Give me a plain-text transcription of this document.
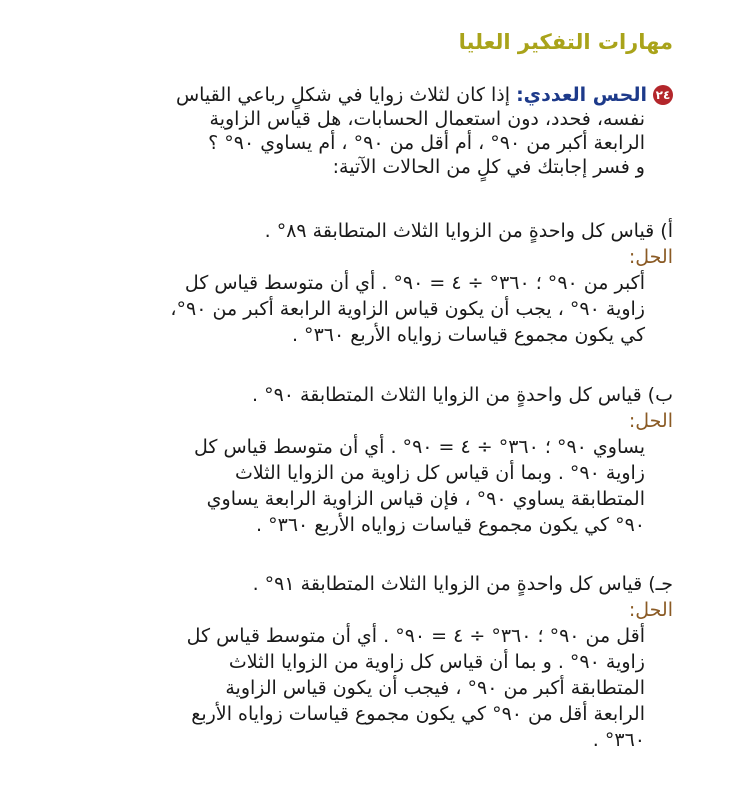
مهارات التفكير العليا
٢٤الحس العددي: إذا كان لثلاث زوايا في شكلٍ رباعي القياس
نفسه، فحدد، دون استعمال الحسابات، هل قياس الزاوية
الرابعة أكبر من ٩٠° ، أم أقل من ٩٠° ، أم يساوي ٩٠° ؟
و فسر إجابتك في كلٍ من الحالات الآتية:
أ) قياس كل واحدةٍ من الزوايا الثلاث المتطابقة ٨٩° .
الحل:
أكبر من ٩٠° ؛ ٣٦٠° ÷ ٤ = ٩٠° . أي أن متوسط قياس كل
زاوية ٩٠° ، يجب أن يكون قياس الزاوية الرابعة أكبر من ٩٠°،
كي يكون مجموع قياسات زواياه الأربع ٣٦٠° .
ب) قياس كل واحدةٍ من الزوايا الثلاث المتطابقة ٩٠° .
الحل:
يساوي ٩٠° ؛ ٣٦٠° ÷ ٤ = ٩٠° . أي أن متوسط قياس كل
زاوية ٩٠° . وبما أن قياس كل زاوية من الزوايا الثلاث
المتطابقة يساوي ٩٠° ، فإن قياس الزاوية الرابعة يساوي
٩٠° كي يكون مجموع قياسات زواياه الأربع ٣٦٠° .
جـ) قياس كل واحدةٍ من الزوايا الثلاث المتطابقة ٩١° .
الحل:
أقل من ٩٠° ؛ ٣٦٠° ÷ ٤ = ٩٠° . أي أن متوسط قياس كل
زاوية ٩٠° . و بما أن قياس كل زاوية من الزوايا الثلاث
المتطابقة أكبر من ٩٠° ، فيجب أن يكون قياس الزاوية
الرابعة أقل من ٩٠° كي يكون مجموع قياسات زواياه الأربع
٣٦٠° .
